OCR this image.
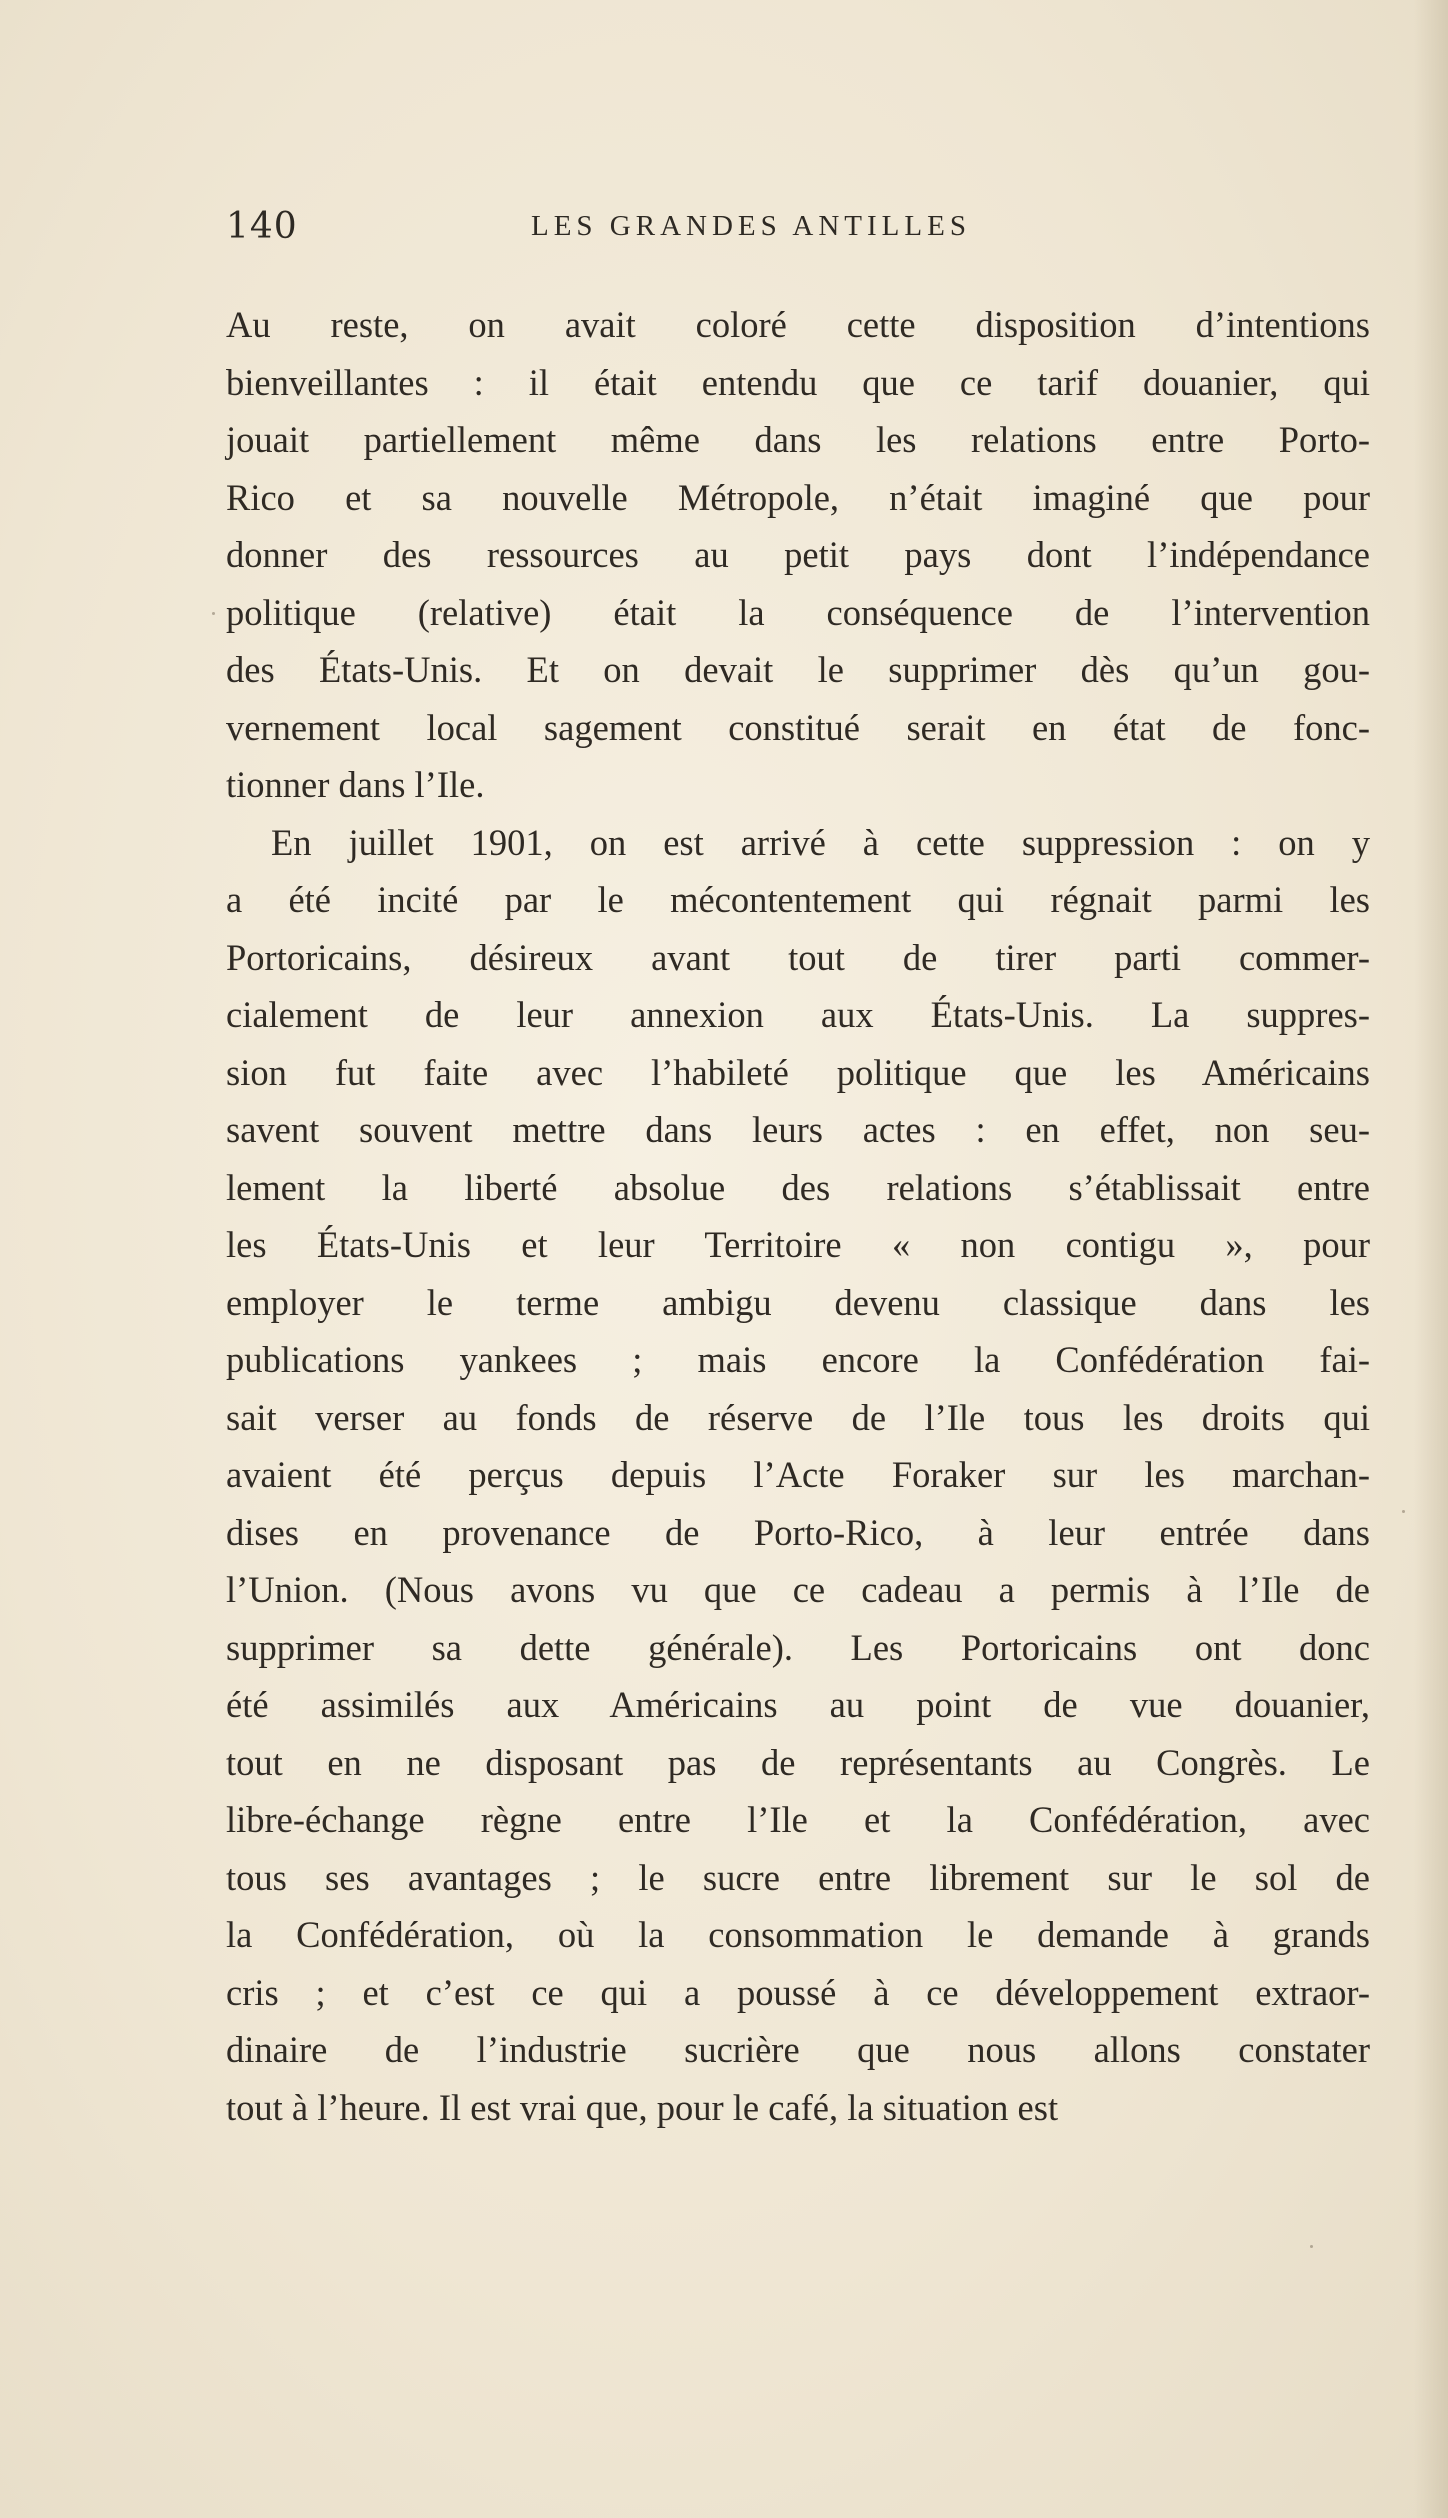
140	LES GRANDES ANTILLES
Au reste, on avait coloré cette disposition d’intentions
bienveillantes : il était entendu que ce tarif douanier, qui
jouait partiellement même dans les relations entre Porto-
Rico et sa nouvelle Métropole, n’était imaginé que pour
donner des ressources au petit pays dont l’indépendance
politique (relative) était la conséquence de l’intervention
des États-Unis. Et on devait le supprimer dès qu’un gou-
vernement local sagement constitué serait en état de fonc-
tionner dans l’Ile.
En juillet 1901, on est arrivé à cette suppression : on y
a été incité par le mécontentement qui régnait parmi les
Portoricains, désireux avant tout de tirer parti commer-
cialement de leur annexion aux États-Unis. La suppres-
sion fut faite avec l’habileté politique que les Américains
savent souvent mettre dans leurs actes : en effet, non seu-
lement la liberté absolue des relations s’établissait entre
les États-Unis et leur Territoire « non contigu », pour
employer le terme ambigu devenu classique dans les
publications yankees ; mais encore la Confédération fai-
sait verser au fonds de réserve de l’Ile tous les droits qui
avaient été perçus depuis l’Acte Foraker sur les marchan-
dises en provenance de Porto-Rico, à leur entrée dans
l’Union. (Nous avons vu que ce cadeau a permis à l’Ile de
supprimer sa dette générale). Les Portoricains ont donc
été assimilés aux Américains au point de vue douanier,
tout en ne disposant pas de représentants au Congrès. Le
libre-échange règne entre l’Ile et la Confédération, avec
tous ses avantages ; le sucre entre librement sur le sol de
la Confédération, où la consommation le demande à grands
cris ; et c’est ce qui a poussé à ce développement extraor-
dinaire de l’industrie sucrière que nous allons constater
tout à l’heure. Il est vrai que, pour le café, la situation est
